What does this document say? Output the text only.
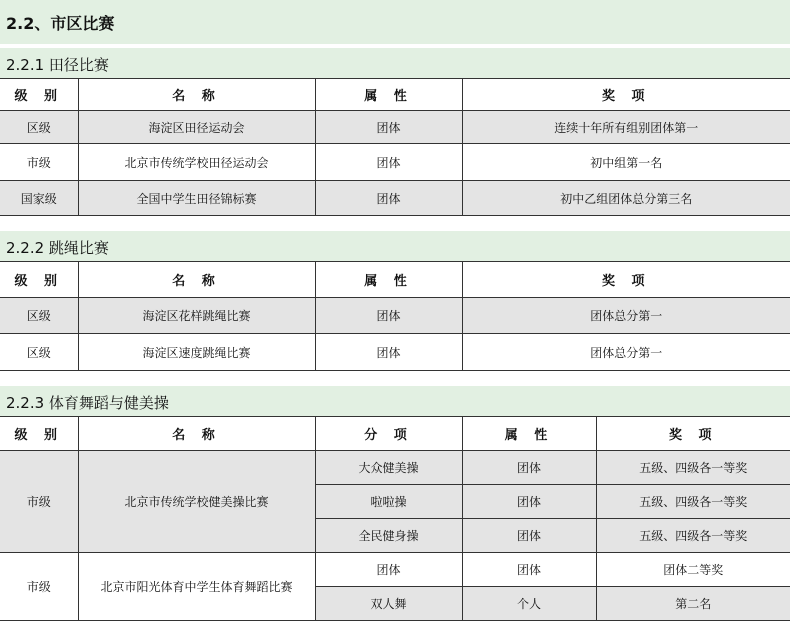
2.2、市区比赛
2.2.1 田径比赛
级 别	名 称	属 性	奖 项
区级	海淀区田径运动会	团体	连续十年所有组别团体第一
市级	北京市传统学校田径运动会	团体	初中组第一名
国家级	全国中学生田径锦标赛	团体	初中乙组团体总分第三名
2.2.2 跳绳比赛
级 别	名 称	属 性	奖 项
区级	海淀区花样跳绳比赛	团体	团体总分第一
区级	海淀区速度跳绳比赛	团体	团体总分第一
2.2.3 体育舞蹈与健美操
级 别	名 称	分 项	属 性	奖 项
市级	北京市传统学校健美操比赛	大众健美操	团体	五级、四级各一等奖
		啦啦操	团体	五级、四级各一等奖
		全民健身操	团体	五级、四级各一等奖
市级	北京市阳光体育中学生体育舞蹈比赛	团体	团体	团体二等奖
		双人舞	个人	第二名
